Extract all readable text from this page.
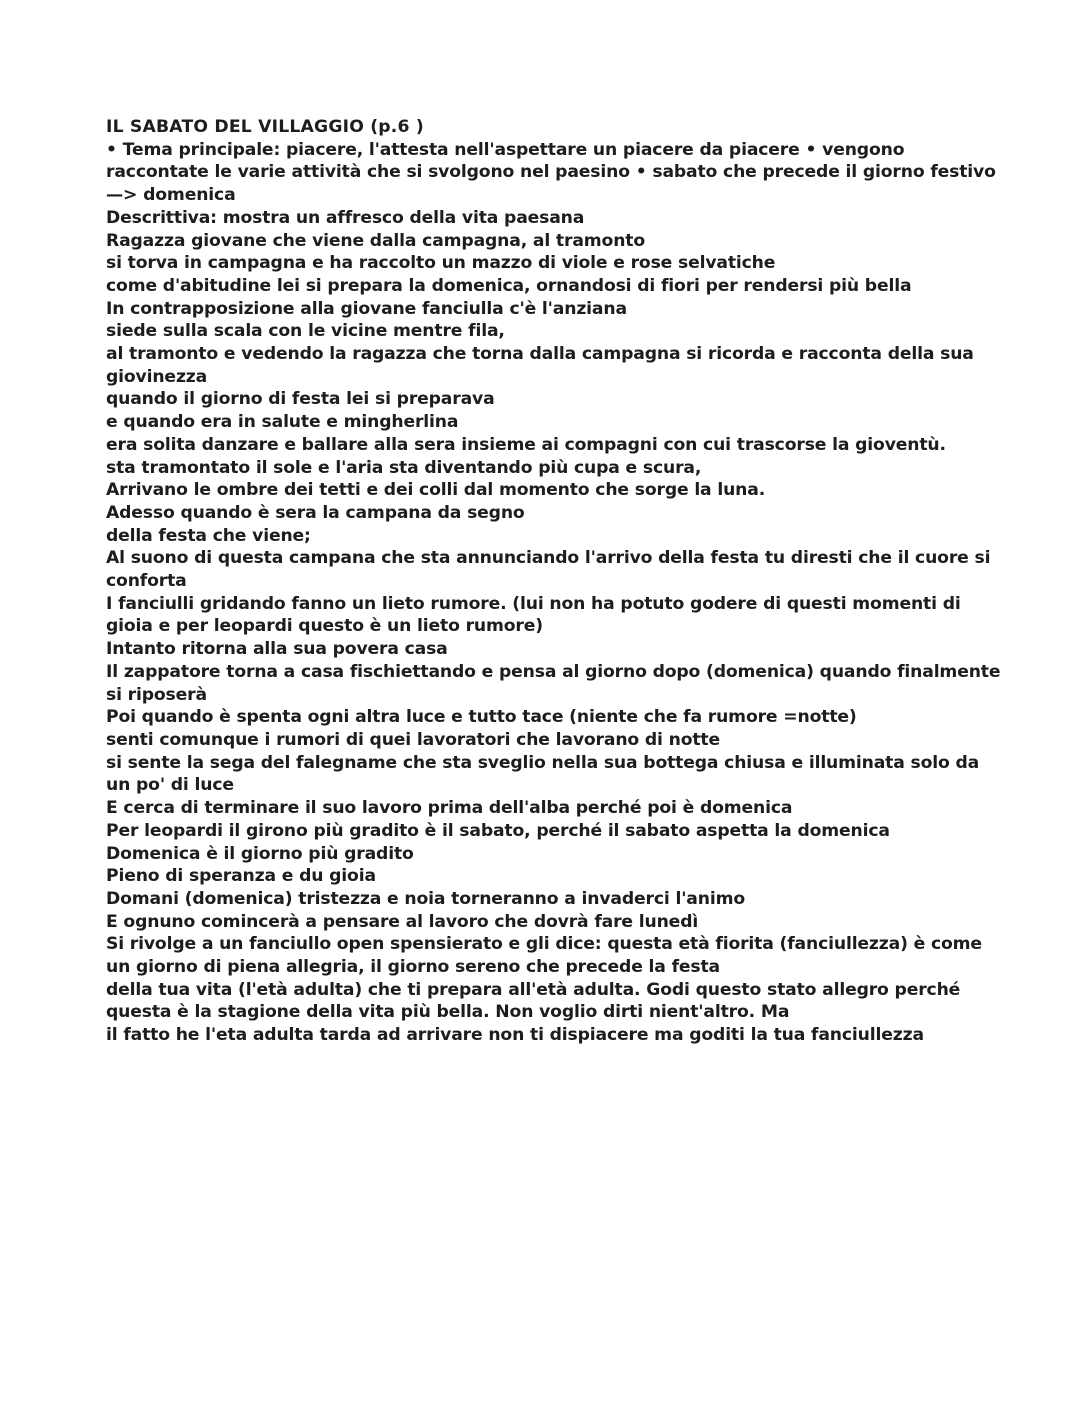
IL SABATO DEL VILLAGGIO (p.6 )

• Tema principale: piacere, l'attesta nell'aspettare un piacere da piacere • vengono raccontate le varie attività che si svolgono nel paesino • sabato che precede il giorno festivo —> domenica

Descrittiva: mostra un affresco della vita paesana

Ragazza giovane che viene dalla campagna, al tramonto

si torva in campagna e ha raccolto un mazzo di viole e rose selvatiche

come d'abitudine lei si prepara la domenica, ornandosi di fiori per rendersi più bella

In contrapposizione alla giovane fanciulla c'è l'anziana

siede sulla scala con le vicine mentre fila,

al tramonto e vedendo la ragazza che torna dalla campagna si ricorda e racconta della sua giovinezza

quando il giorno di festa lei si preparava

e quando era in salute e mingherlina

era solita danzare e ballare alla sera insieme ai compagni con cui trascorse la gioventù.

sta tramontato il sole e l'aria sta diventando più cupa e scura,

Arrivano le ombre dei tetti e dei colli dal momento che sorge la luna.

Adesso quando è sera la campana da segno

della festa che viene;

Al suono di questa campana che sta annunciando l'arrivo della festa tu diresti che il cuore si conforta

I fanciulli gridando fanno un lieto rumore. (lui non ha potuto godere di questi momenti di gioia e per leopardi questo è un lieto rumore)

Intanto ritorna alla sua povera casa

Il zappatore torna a casa fischiettando e pensa al giorno dopo (domenica) quando finalmente si riposerà

Poi quando è spenta ogni altra luce e tutto tace (niente che fa rumore =notte)

senti comunque i rumori di quei lavoratori che lavorano di notte

si sente la sega del falegname che sta sveglio nella sua bottega chiusa e illuminata solo da un po' di luce

E cerca di terminare il suo lavoro prima dell'alba perché poi è domenica

Per leopardi il girono più gradito è il sabato, perché il sabato aspetta la domenica

Domenica è il giorno più gradito

Pieno di speranza e du gioia

Domani (domenica) tristezza e noia torneranno a invaderci l'animo

E ognuno comincerà a pensare al lavoro che dovrà fare lunedì

Si rivolge a un fanciullo open spensierato e gli dice: questa età fiorita (fanciullezza) è come un giorno di piena allegria, il giorno sereno che precede la festa

della tua vita (l'età adulta) che ti prepara all'età adulta. Godi questo stato allegro perché questa è la stagione della vita più bella. Non voglio dirti nient'altro. Ma

il fatto he l'eta adulta tarda ad arrivare non ti dispiacere ma goditi la tua fanciullezza
